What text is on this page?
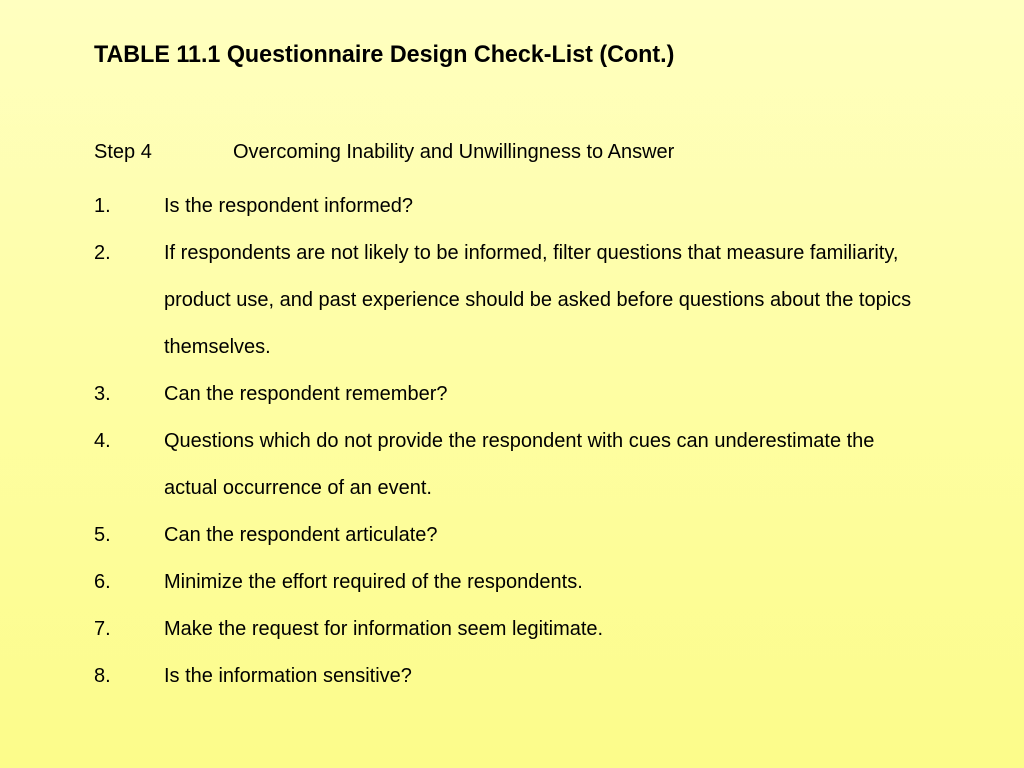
TABLE 11.1 Questionnaire Design Check-List (Cont.)
Step 4	Overcoming Inability and Unwillingness to Answer
1.	Is the respondent informed?
2.	If respondents are not likely to be informed, filter questions that measure familiarity, product use, and past experience should be asked before questions about the topics themselves.
3.	Can the respondent remember?
4.	Questions which do not provide the respondent with cues can underestimate the actual occurrence of an event.
5.	Can the respondent articulate?
6.	Minimize the effort required of the respondents.
7.	Make the request for information seem legitimate.
8.	Is the information sensitive?
